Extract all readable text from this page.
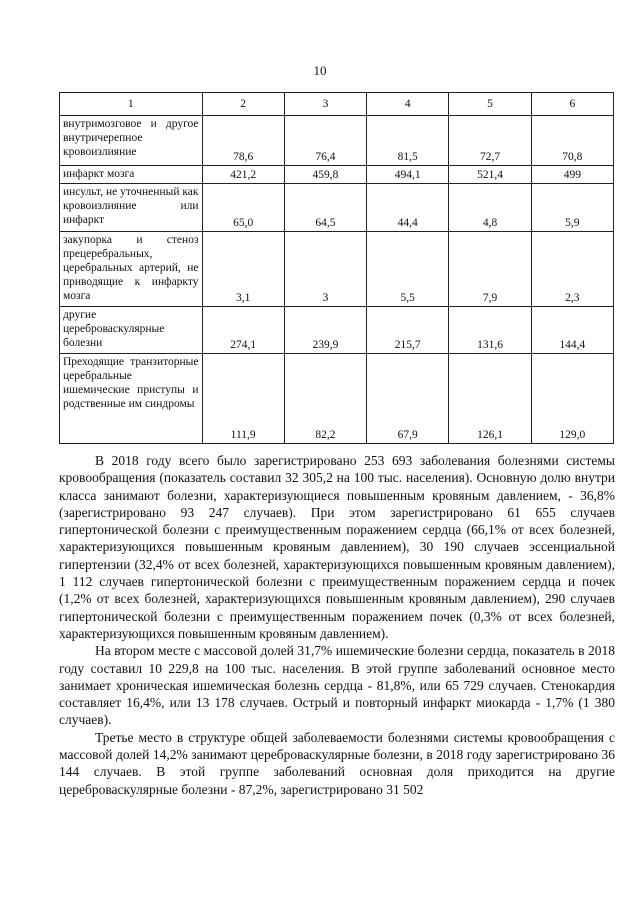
10
1	2	3	4	5	6
внутримозговое и другое внутричерепное кровоизлияние	78,6	76,4	81,5	72,7	70,8
инфаркт мозга	421,2	459,8	494,1	521,4	499
инсульт, не уточненный как кровоизлияние или инфаркт	65,0	64,5	44,4	4,8	5,9
закупорка и стеноз прецеребральных, церебральных артерий, не приводящие к инфаркту мозга	3,1	3	5,5	7,9	2,3
другие цереброваскулярные болезни	274,1	239,9	215,7	131,6	144,4
Преходящие транзиторные церебральные ишемические приступы и родственные им синдромы	111,9	82,2	67,9	126,1	129,0

В 2018 году всего было зарегистрировано 253 693 заболевания болезнями системы кровообращения (показатель составил 32 305,2 на 100 тыс. населения). Основную долю внутри класса занимают болезни, характеризующиеся повышенным кровяным давлением, - 36,8% (зарегистрировано 93 247 случаев). При этом зарегистрировано 61 655 случаев гипертонической болезни с преимущественным поражением сердца (66,1% от всех болезней, характеризующихся повышенным кровяным давлением), 30 190 случаев эссенциальной гипертензии (32,4% от всех болезней, характеризующихся повышенным кровяным давлением), 1 112 случаев гипертонической болезни с преимущественным поражением сердца и почек (1,2% от всех болезней, характеризующихся повышенным кровяным давлением), 290 случаев гипертонической болезни с преимущественным поражением почек (0,3% от всех болезней, характеризующихся повышенным кровяным давлением).

На втором месте с массовой долей 31,7% ишемические болезни сердца, показатель в 2018 году составил 10 229,8 на 100 тыс. населения. В этой группе заболеваний основное место занимает хроническая ишемическая болезнь сердца - 81,8%, или 65 729 случаев. Стенокардия составляет 16,4%, или 13 178 случаев. Острый и повторный инфаркт миокарда - 1,7% (1 380 случаев).

Третье место в структуре общей заболеваемости болезнями системы кровообращения с массовой долей 14,2% занимают цереброваскулярные болезни, в 2018 году зарегистрировано 36 144 случаев. В этой группе заболеваний основная доля приходится на другие цереброваскулярные болезни - 87,2%, зарегистрировано 31 502
